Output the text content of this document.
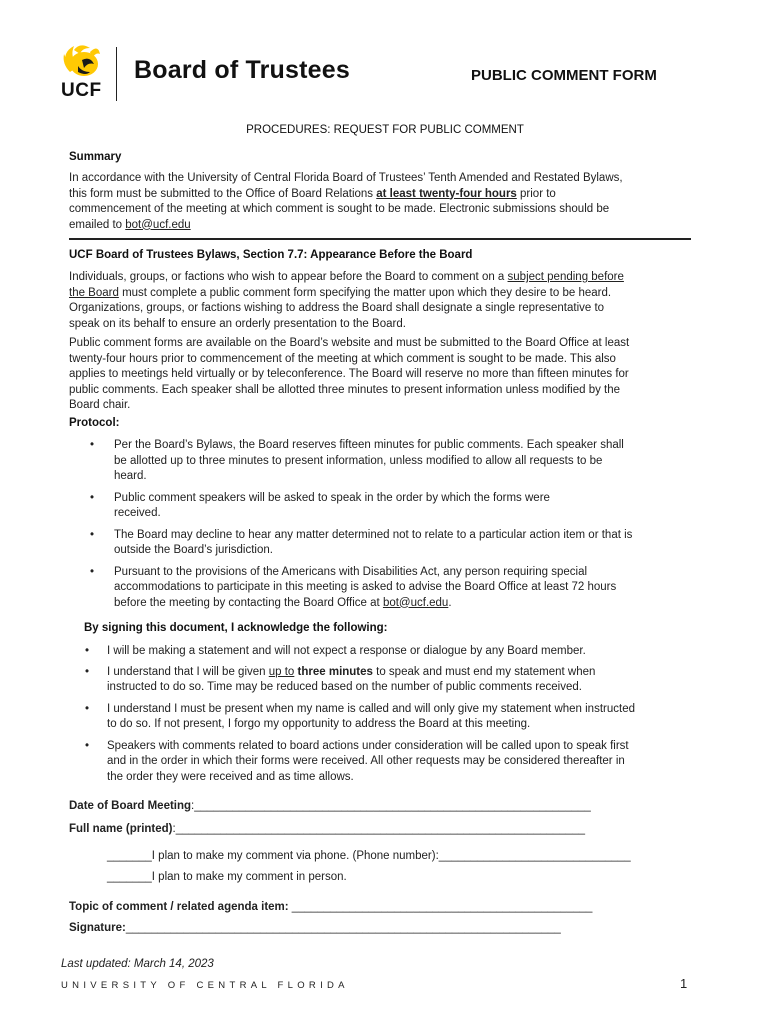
UCF
Board of Trustees	PUBLIC COMMENT FORM
PROCEDURES: REQUEST FOR PUBLIC COMMENT
Summary
In accordance with the University of Central Florida Board of Trustees’ Tenth Amended and Restated Bylaws,
this form must be submitted to the Office of Board Relations at least twenty-four hours prior to
commencement of the meeting at which comment is sought to be made. Electronic submissions should be
emailed to bot@ucf.edu
UCF Board of Trustees Bylaws, Section 7.7: Appearance Before the Board
Individuals, groups, or factions who wish to appear before the Board to comment on a subject pending before
the Board must complete a public comment form specifying the matter upon which they desire to be heard.
Organizations, groups, or factions wishing to address the Board shall designate a single representative to
speak on its behalf to ensure an orderly presentation to the Board.
Public comment forms are available on the Board’s website and must be submitted to the Board Office at least
twenty-four hours prior to commencement of the meeting at which comment is sought to be made. This also
applies to meetings held virtually or by teleconference. The Board will reserve no more than fifteen minutes for
public comments. Each speaker shall be allotted three minutes to present information unless modified by the
Board chair.
Protocol:
• Per the Board’s Bylaws, the Board reserves fifteen minutes for public comments. Each speaker shall
be allotted up to three minutes to present information, unless modified to allow all requests to be
heard.
• Public comment speakers will be asked to speak in the order by which the forms were
received.
• The Board may decline to hear any matter determined not to relate to a particular action item or that is
outside the Board’s jurisdiction.
• Pursuant to the provisions of the Americans with Disabilities Act, any person requiring special
accommodations to participate in this meeting is asked to advise the Board Office at least 72 hours
before the meeting by contacting the Board Office at bot@ucf.edu.
By signing this document, I acknowledge the following:
• I will be making a statement and will not expect a response or dialogue by any Board member.
• I understand that I will be given up to three minutes to speak and must end my statement when
instructed to do so. Time may be reduced based on the number of public comments received.
• I understand I must be present when my name is called and will only give my statement when instructed
to do so. If not present, I forgo my opportunity to address the Board at this meeting.
• Speakers with comments related to board actions under consideration will be called upon to speak first
and in the order in which their forms were received. All other requests may be considered thereafter in
the order they were received and as time allows.
Date of Board Meeting:______________________________________________________________
Full name (printed):________________________________________________________________
_______I plan to make my comment via phone. (Phone number):______________________________
_______I plan to make my comment in person.
Topic of comment / related agenda item: _______________________________________________
Signature:____________________________________________________________________
Last updated: March 14, 2023
UNIVERSITY OF CENTRAL FLORIDA	1
